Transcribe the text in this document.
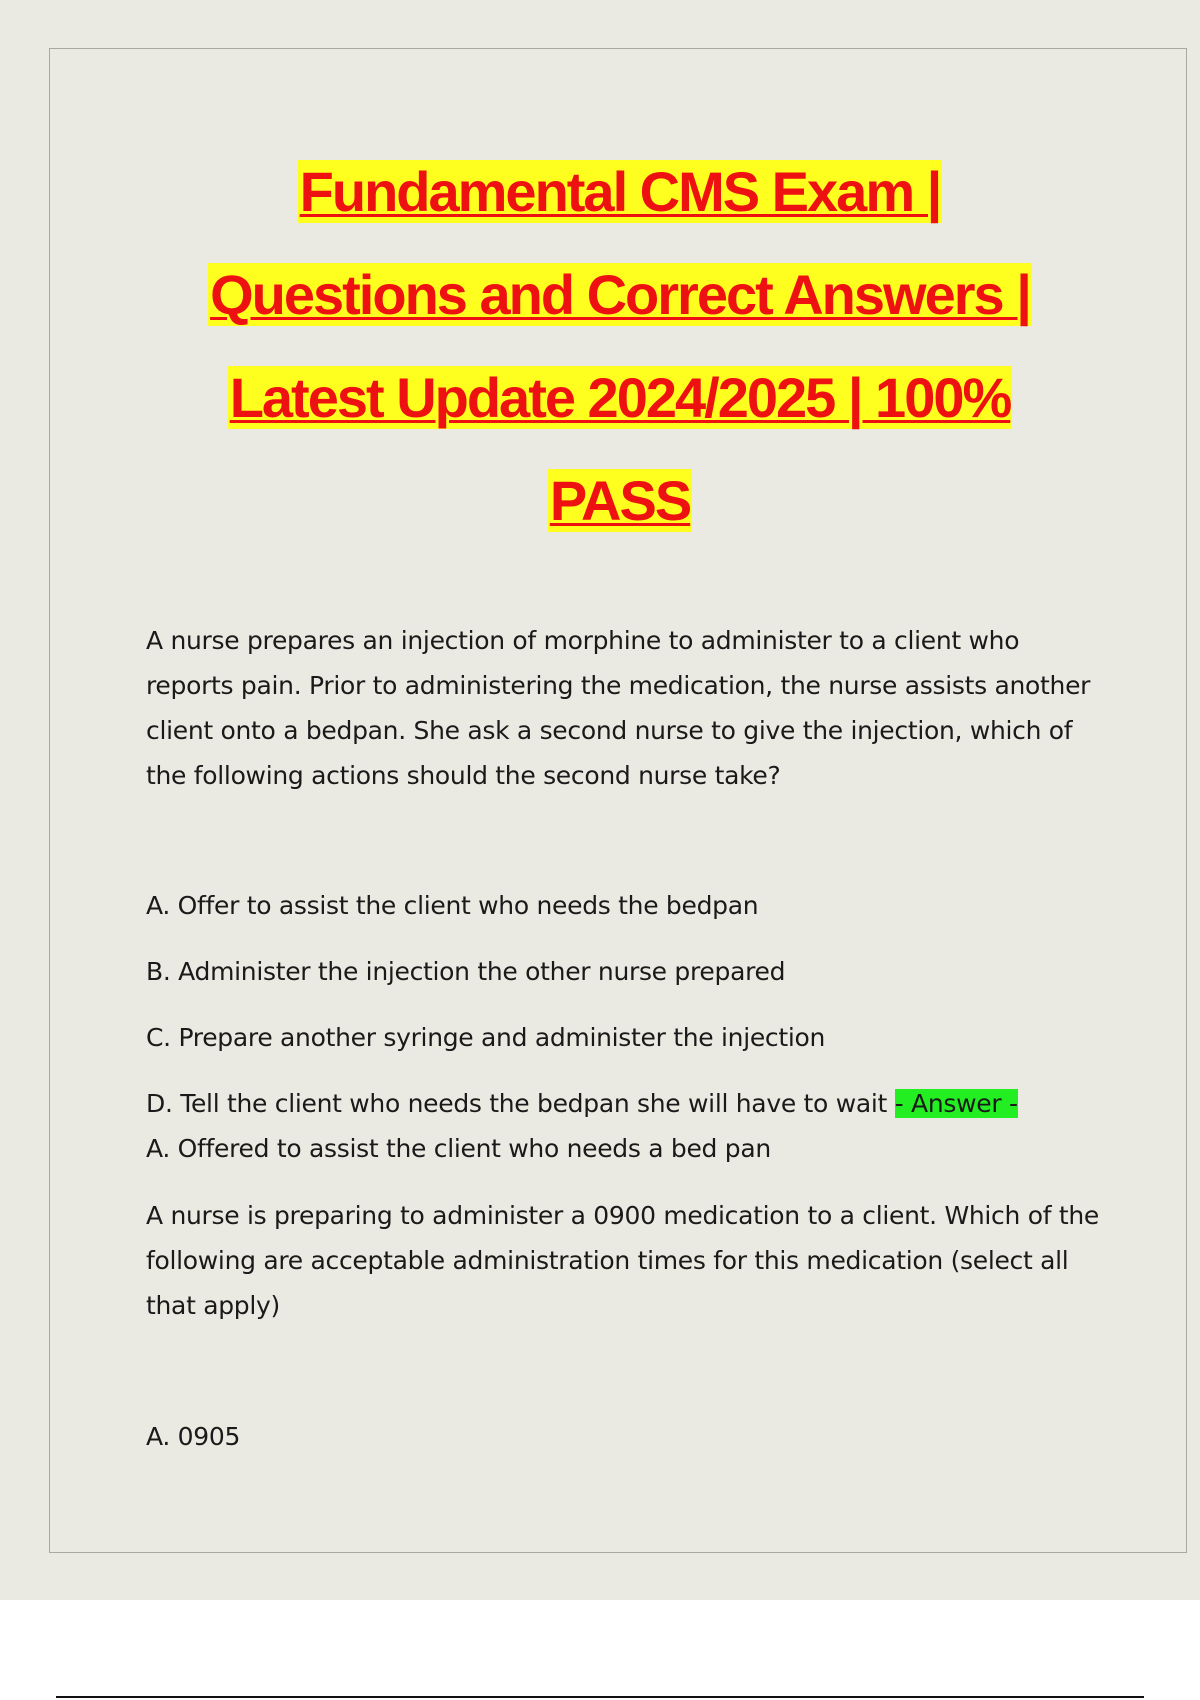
Fundamental CMS Exam |
Questions and Correct Answers |
Latest Update 2024/2025 | 100%
PASS
A nurse prepares an injection of morphine to administer to a client who reports pain. Prior to administering the medication, the nurse assists another client onto a bedpan. She ask a second nurse to give the injection, which of the following actions should the second nurse take?
A. Offer to assist the client who needs the bedpan
B. Administer the injection the other nurse prepared
C. Prepare another syringe and administer the injection
D. Tell the client who needs the bedpan she will have to wait - Answer -
A. Offered to assist the client who needs a bed pan
A nurse is preparing to administer a 0900 medication to a client. Which of the following are acceptable administration times for this medication (select all that apply)
A. 0905
